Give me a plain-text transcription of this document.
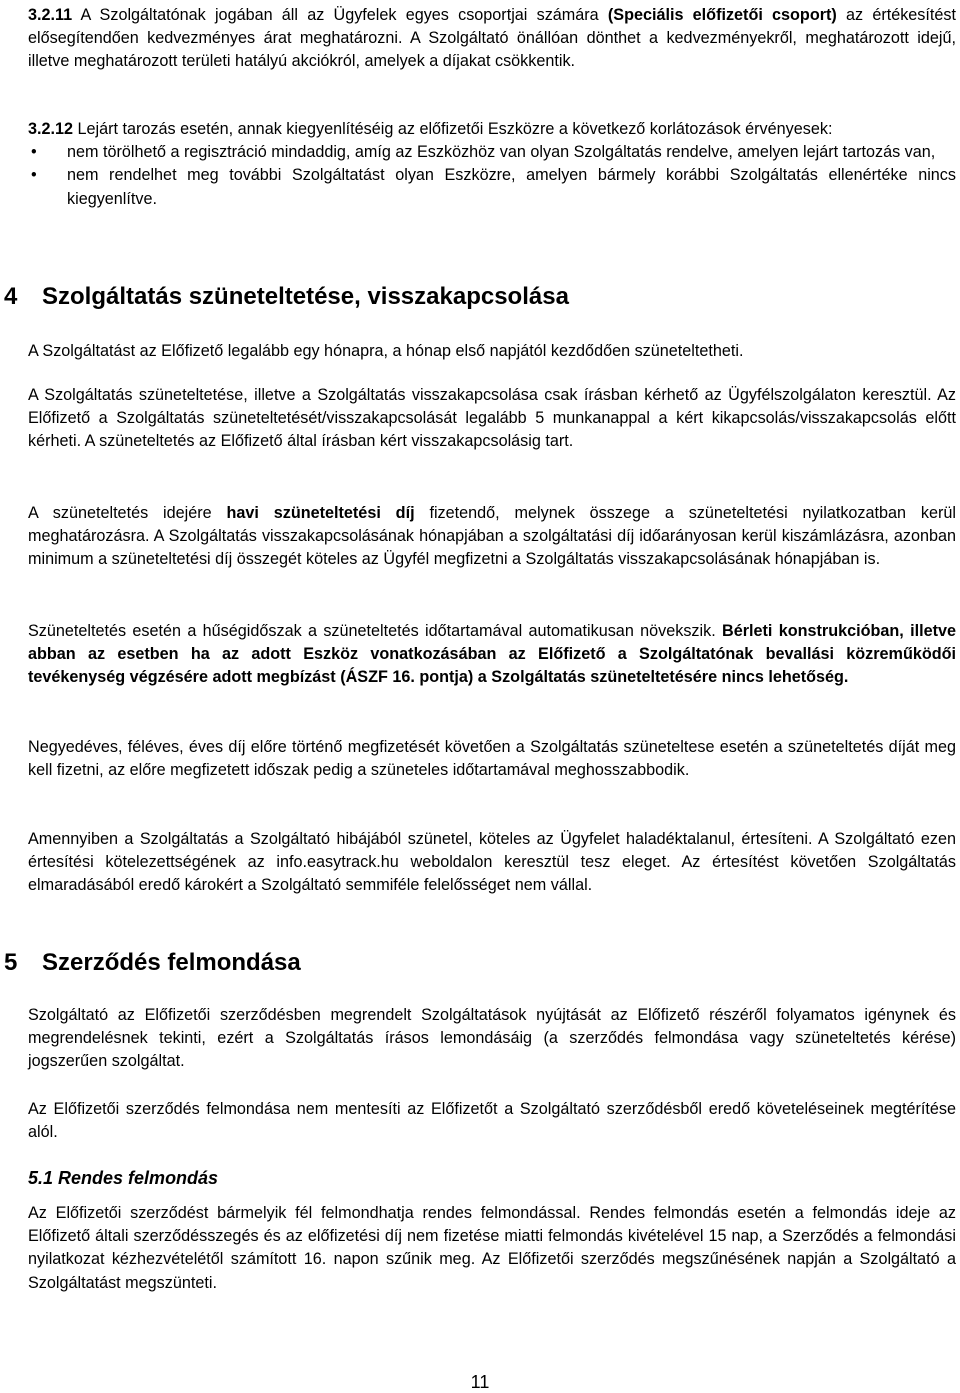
3.2.11 A Szolgáltatónak jogában áll az Ügyfelek egyes csoportjai számára (Speciális előfizetői csoport) az értékesítést elősegítendően kedvezményes árat meghatározni. A Szolgáltató önállóan dönthet a kedvezményekről, meghatározott idejű, illetve meghatározott területi hatályú akciókról, amelyek a díjakat csökkentik.

3.2.12 Lejárt tarozás esetén, annak kiegyenlítéséig az előfizetői Eszközre a következő korlátozások érvényesek:

• nem törölhető a regisztráció mindaddig, amíg az Eszközhöz van olyan Szolgáltatás rendelve, amelyen lejárt tartozás van,
• nem rendelhet meg további Szolgáltatást olyan Eszközre, amelyen bármely korábbi Szolgáltatás ellenértéke nincs kiegyenlítve.
4 Szolgáltatás szüneteltetése, visszakapcsolása

A Szolgáltatást az Előfizető legalább egy hónapra, a hónap első napjától kezdődően szüneteltetheti.

A Szolgáltatás szüneteltetése, illetve a Szolgáltatás visszakapcsolása csak írásban kérhető az Ügyfélszolgálaton keresztül. Az Előfizető a Szolgáltatás szüneteltetését/visszakapcsolását legalább 5 munkanappal a kért kikapcsolás/visszakapcsolás előtt kérheti. A szüneteltetés az Előfizető által írásban kért visszakapcsolásig tart.

A szüneteltetés idejére havi szüneteltetési díj fizetendő, melynek összege a szüneteltetési nyilatkozatban kerül meghatározásra. A Szolgáltatás visszakapcsolásának hónapjában a szolgáltatási díj időarányosan kerül kiszámlázásra, azonban minimum a szüneteltetési díj összegét köteles az Ügyfél megfizetni a Szolgáltatás visszakapcsolásának hónapjában is.

Szüneteltetés esetén a hűségidőszak a szüneteltetés időtartamával automatikusan növekszik. Bérleti konstrukcióban, illetve abban az esetben ha az adott Eszköz vonatkozásában az Előfizető a Szolgáltatónak bevallási közreműködői tevékenység végzésére adott megbízást (ÁSZF 16. pontja) a Szolgáltatás szüneteltetésére nincs lehetőség.

Negyedéves, féléves, éves díj előre történő megfizetését követően a Szolgáltatás szüneteltese esetén a szüneteltetés díját meg kell fizetni, az előre megfizetett időszak pedig a szüneteles időtartamával meghosszabbodik.

Amennyiben a Szolgáltatás a Szolgáltató hibájából szünetel, köteles az Ügyfelet haladéktalanul, értesíteni. A Szolgáltató ezen értesítési kötelezettségének az info.easytrack.hu weboldalon keresztül tesz eleget. Az értesítést követően Szolgáltatás elmaradásából eredő károkért a Szolgáltató semmiféle felelősséget nem vállal.

5 Szerződés felmondása

Szolgáltató az Előfizetői szerződésben megrendelt Szolgáltatások nyújtását az Előfizető részéről folyamatos igénynek és megrendelésnek tekinti, ezért a Szolgáltatás írásos lemondásáig (a szerződés felmondása vagy szüneteltetés kérése) jogszerűen szolgáltat.

Az Előfizetői szerződés felmondása nem mentesíti az Előfizetőt a Szolgáltató szerződésből eredő követeléseinek megtérítése alól.

5.1 Rendes felmondás

Az Előfizetői szerződést bármelyik fél felmondhatja rendes felmondással. Rendes felmondás esetén a felmondás ideje az Előfizető általi szerződésszegés és az előfizetési díj nem fizetése miatti felmondás kivételével 15 nap, a Szerződés a felmondási nyilatkozat kézhezvételétől számított 16. napon szűnik meg. Az Előfizetői szerződés megszűnésének napján a Szolgáltató a Szolgáltatást megszünteti.

11
